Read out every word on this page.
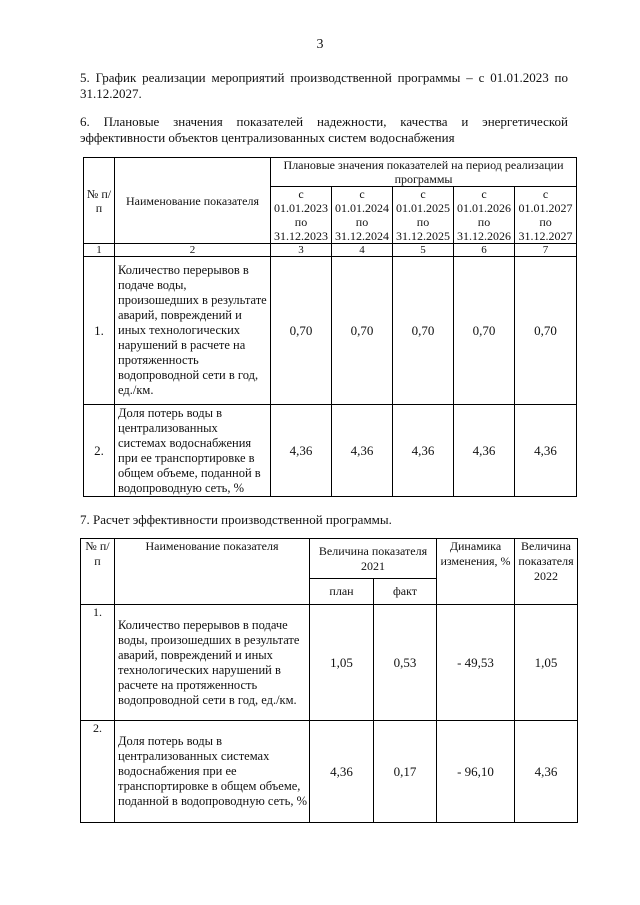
3
5. График реализации мероприятий производственной программы – с 01.01.2023 по 31.12.2027.
6. Плановые значения показателей надежности, качества и энергетической
эффективности объектов централизованных систем водоснабжения
№ п/п	Наименование показателя	Плановые значения показателей на период реализации программы				
		с 01.01.2023 по 31.12.2023	с 01.01.2024 по 31.12.2024	с 01.01.2025 по 31.12.2025	с 01.01.2026 по 31.12.2026	с 01.01.2027 по 31.12.2027
1	2	3	4	5	6	7
1.	Количество перерывов в подаче воды, произошедших в результате аварий, повреждений и иных технологических нарушений в расчете на протяженность водопроводной сети в год, ед./км.	0,70	0,70	0,70	0,70	0,70
2.	Доля потерь воды в централизованных системах водоснабжения при ее транспортировке в общем объеме, поданной в водопроводную сеть, %	4,36	4,36	4,36	4,36	4,36
7. Расчет эффективности производственной программы.
№ п/п	Наименование показателя	Величина показателя 2021		Динамика изменения, %	Величина показателя 2022
		план	факт		
1.	Количество перерывов в подаче воды, произошедших в результате аварий, повреждений и иных технологических нарушений в расчете на протяженность водопроводной сети в год, ед./км.	1,05	0,53	- 49,53	1,05
2.	Доля потерь воды в централизованных системах водоснабжения при ее транспортировке в общем объеме, поданной в водопроводную сеть, %	4,36	0,17	- 96,10	4,36
